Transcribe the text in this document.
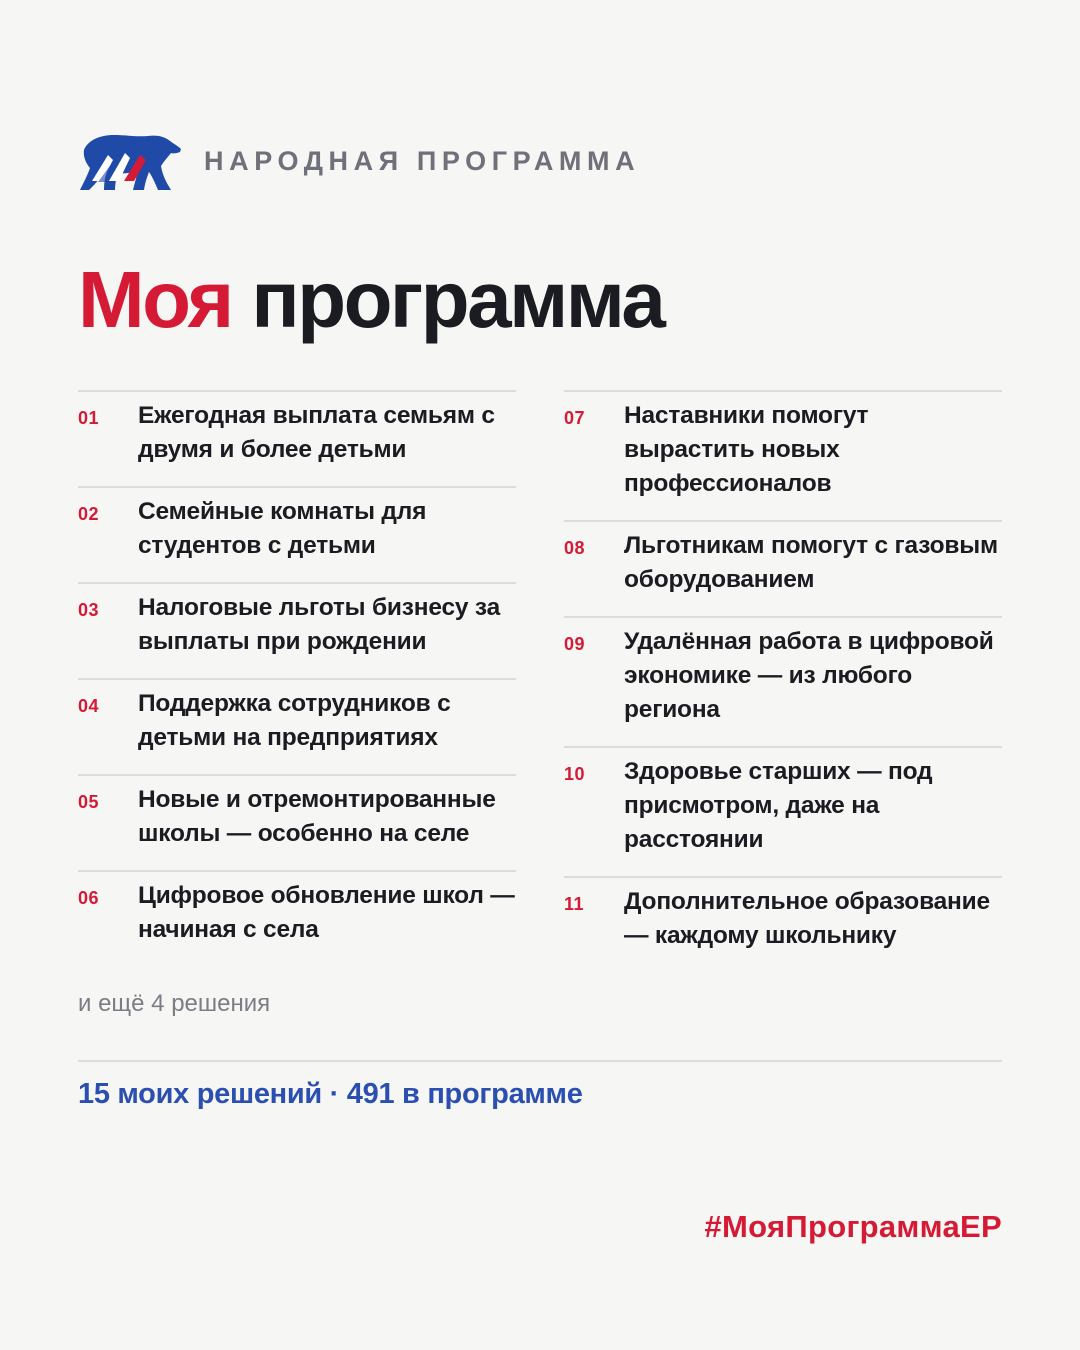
НАРОДНАЯ ПРОГРАММА
Моя программа
01	Ежегодная выплата семьям с двумя и более детьми
02	Семейные комнаты для студентов с детьми
03	Налоговые льготы бизнесу за выплаты при рождении
04	Поддержка сотрудников с детьми на предприятиях
05	Новые и отремонтированные школы — особенно на селе
06	Цифровое обновление школ — начиная с села
07	Наставники помогут вырастить новых профессионалов
08	Льготникам помогут с газовым оборудованием
09	Удалённая работа в цифровой экономике — из любого региона
10	Здоровье старших — под присмотром, даже на расстоянии
11	Дополнительное образование — каждому школьнику
и ещё 4 решения
15 моих решений · 491 в программе
#МояПрограммаЕР
